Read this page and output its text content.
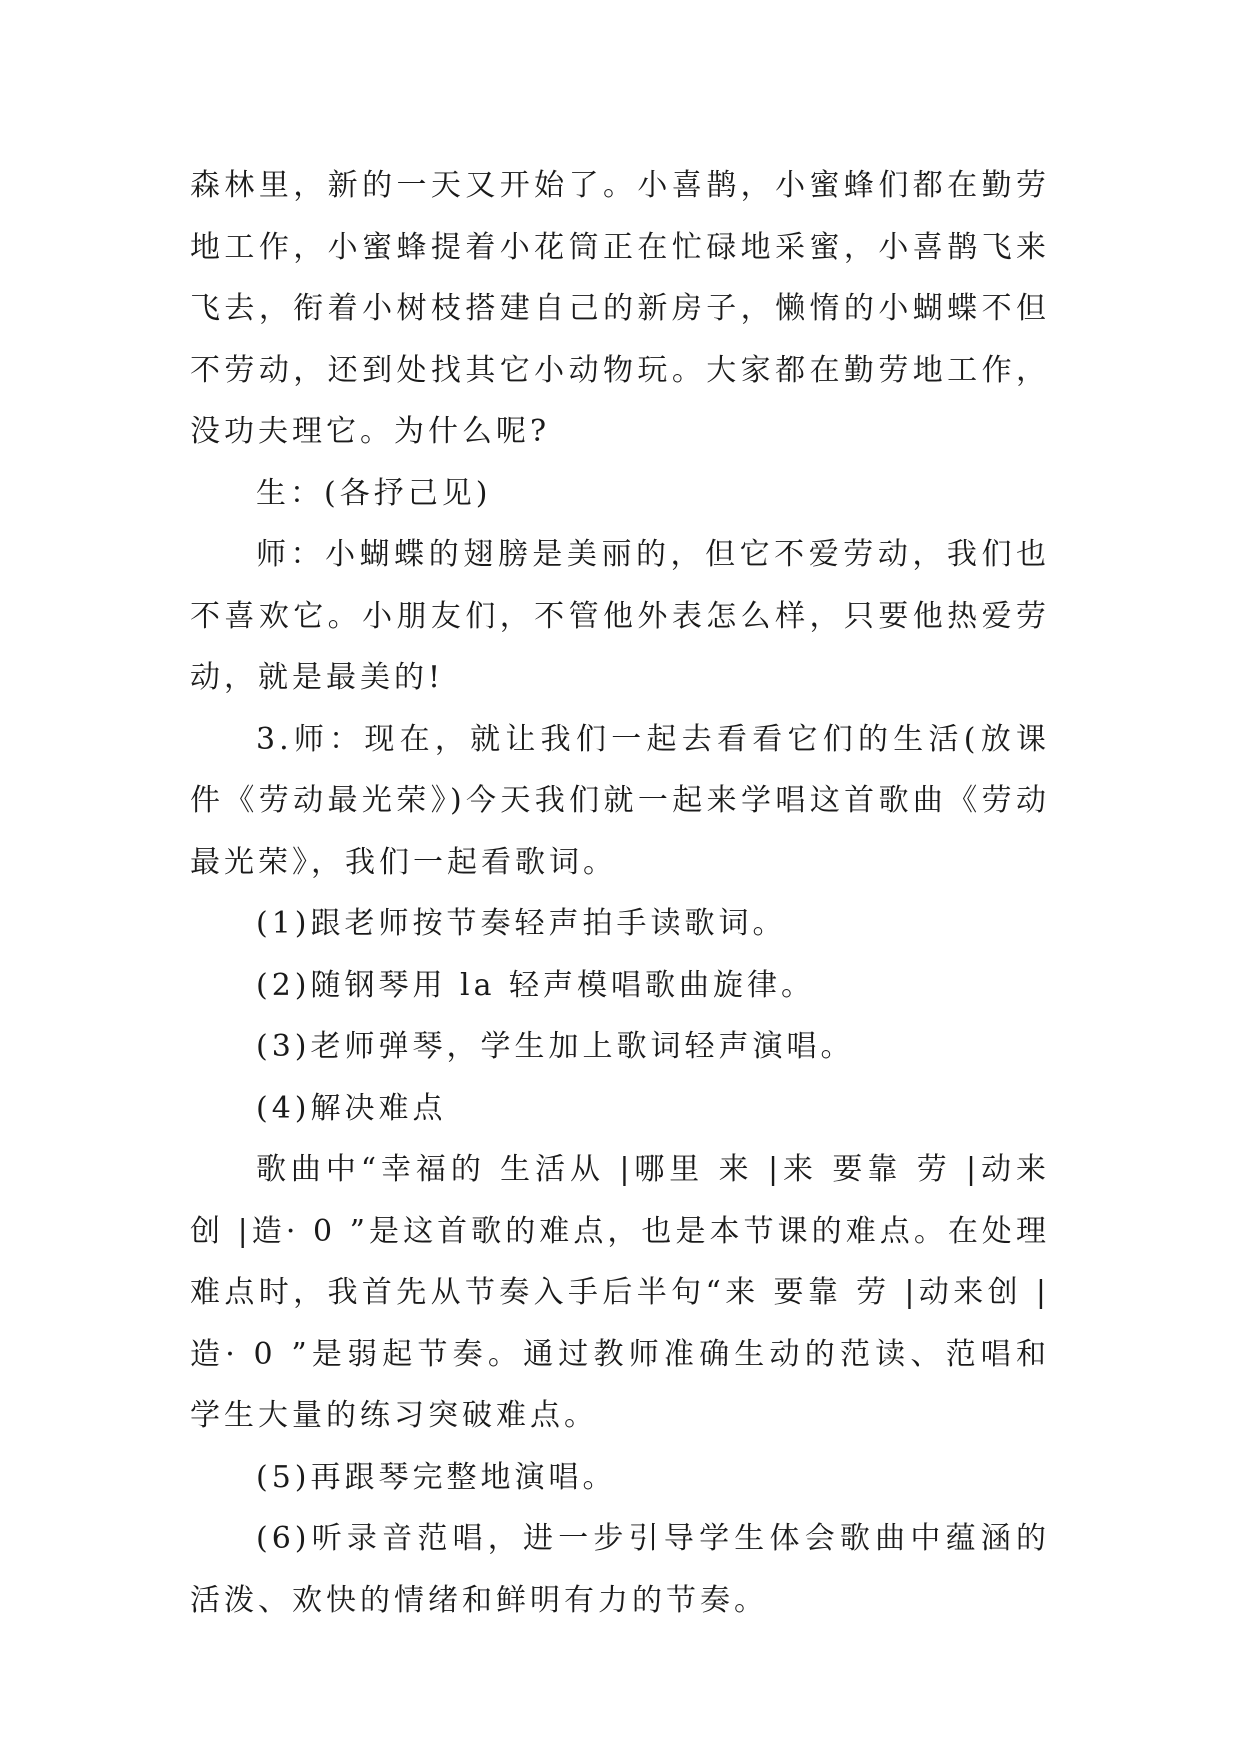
森林里，新的一天又开始了。小喜鹊，小蜜蜂们都在勤劳地工作，小蜜蜂提着小花筒正在忙碌地采蜜，小喜鹊飞来飞去，衔着小树枝搭建自己的新房子，懒惰的小蝴蝶不但不劳动，还到处找其它小动物玩。大家都在勤劳地工作，没功夫理它。为什么呢?

生：(各抒己见)

师：小蝴蝶的翅膀是美丽的，但它不爱劳动，我们也不喜欢它。小朋友们，不管他外表怎么样，只要他热爱劳动，就是最美的!

3.师：现在，就让我们一起去看看它们的生活(放课件《劳动最光荣》)今天我们就一起来学唱这首歌曲《劳动最光荣》，我们一起看歌词。

(1)跟老师按节奏轻声拍手读歌词。

(2)随钢琴用 la 轻声模唱歌曲旋律。

(3)老师弹琴，学生加上歌词轻声演唱。

(4)解决难点

歌曲中“幸福的 生活从 |哪里 来 |来 要靠 劳 |动来创 |造· 0 ”是这首歌的难点，也是本节课的难点。在处理难点时，我首先从节奏入手后半句“来 要靠 劳 |动来创 |造· 0 ”是弱起节奏。通过教师准确生动的范读、范唱和学生大量的练习突破难点。

(5)再跟琴完整地演唱。

(6)听录音范唱，进一步引导学生体会歌曲中蕴涵的活泼、欢快的情绪和鲜明有力的节奏。
